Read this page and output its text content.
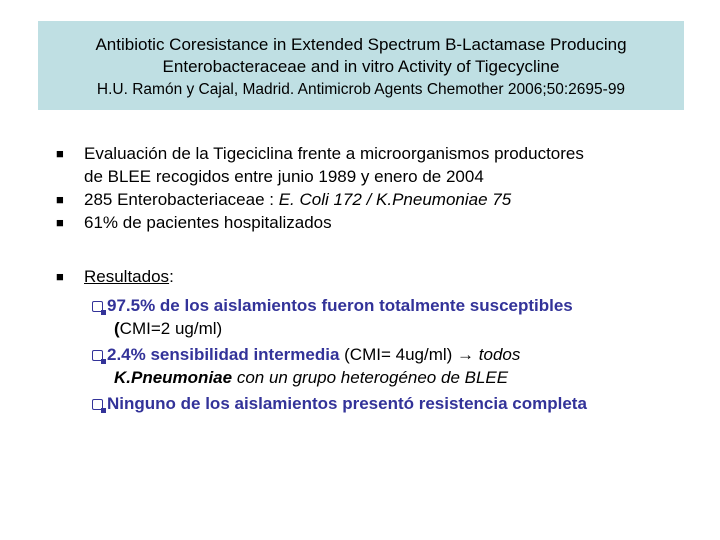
Antibiotic Coresistance in Extended Spectrum B-Lactamase Producing
Enterobacteraceae and in vitro Activity of Tigecycline
H.U. Ramón y Cajal, Madrid. Antimicrob Agents Chemother 2006;50:2695-99
■	Evaluación de la Tigeciclina frente a microorganismos productores
de BLEE recogidos entre junio 1989 y enero de 2004
■	285 Enterobacteriaceae : E. Coli 172 / K.Pneumoniae 75
■	61% de pacientes hospitalizados
■	Resultados:
97.5% de los aislamientos fueron totalmente susceptibles
(CMI=2 ug/ml)
2.4% sensibilidad intermedia (CMI= 4ug/ml) → todos
K.Pneumoniae con un grupo heterogéneo de BLEE
Ninguno de los aislamientos presentó resistencia completa
